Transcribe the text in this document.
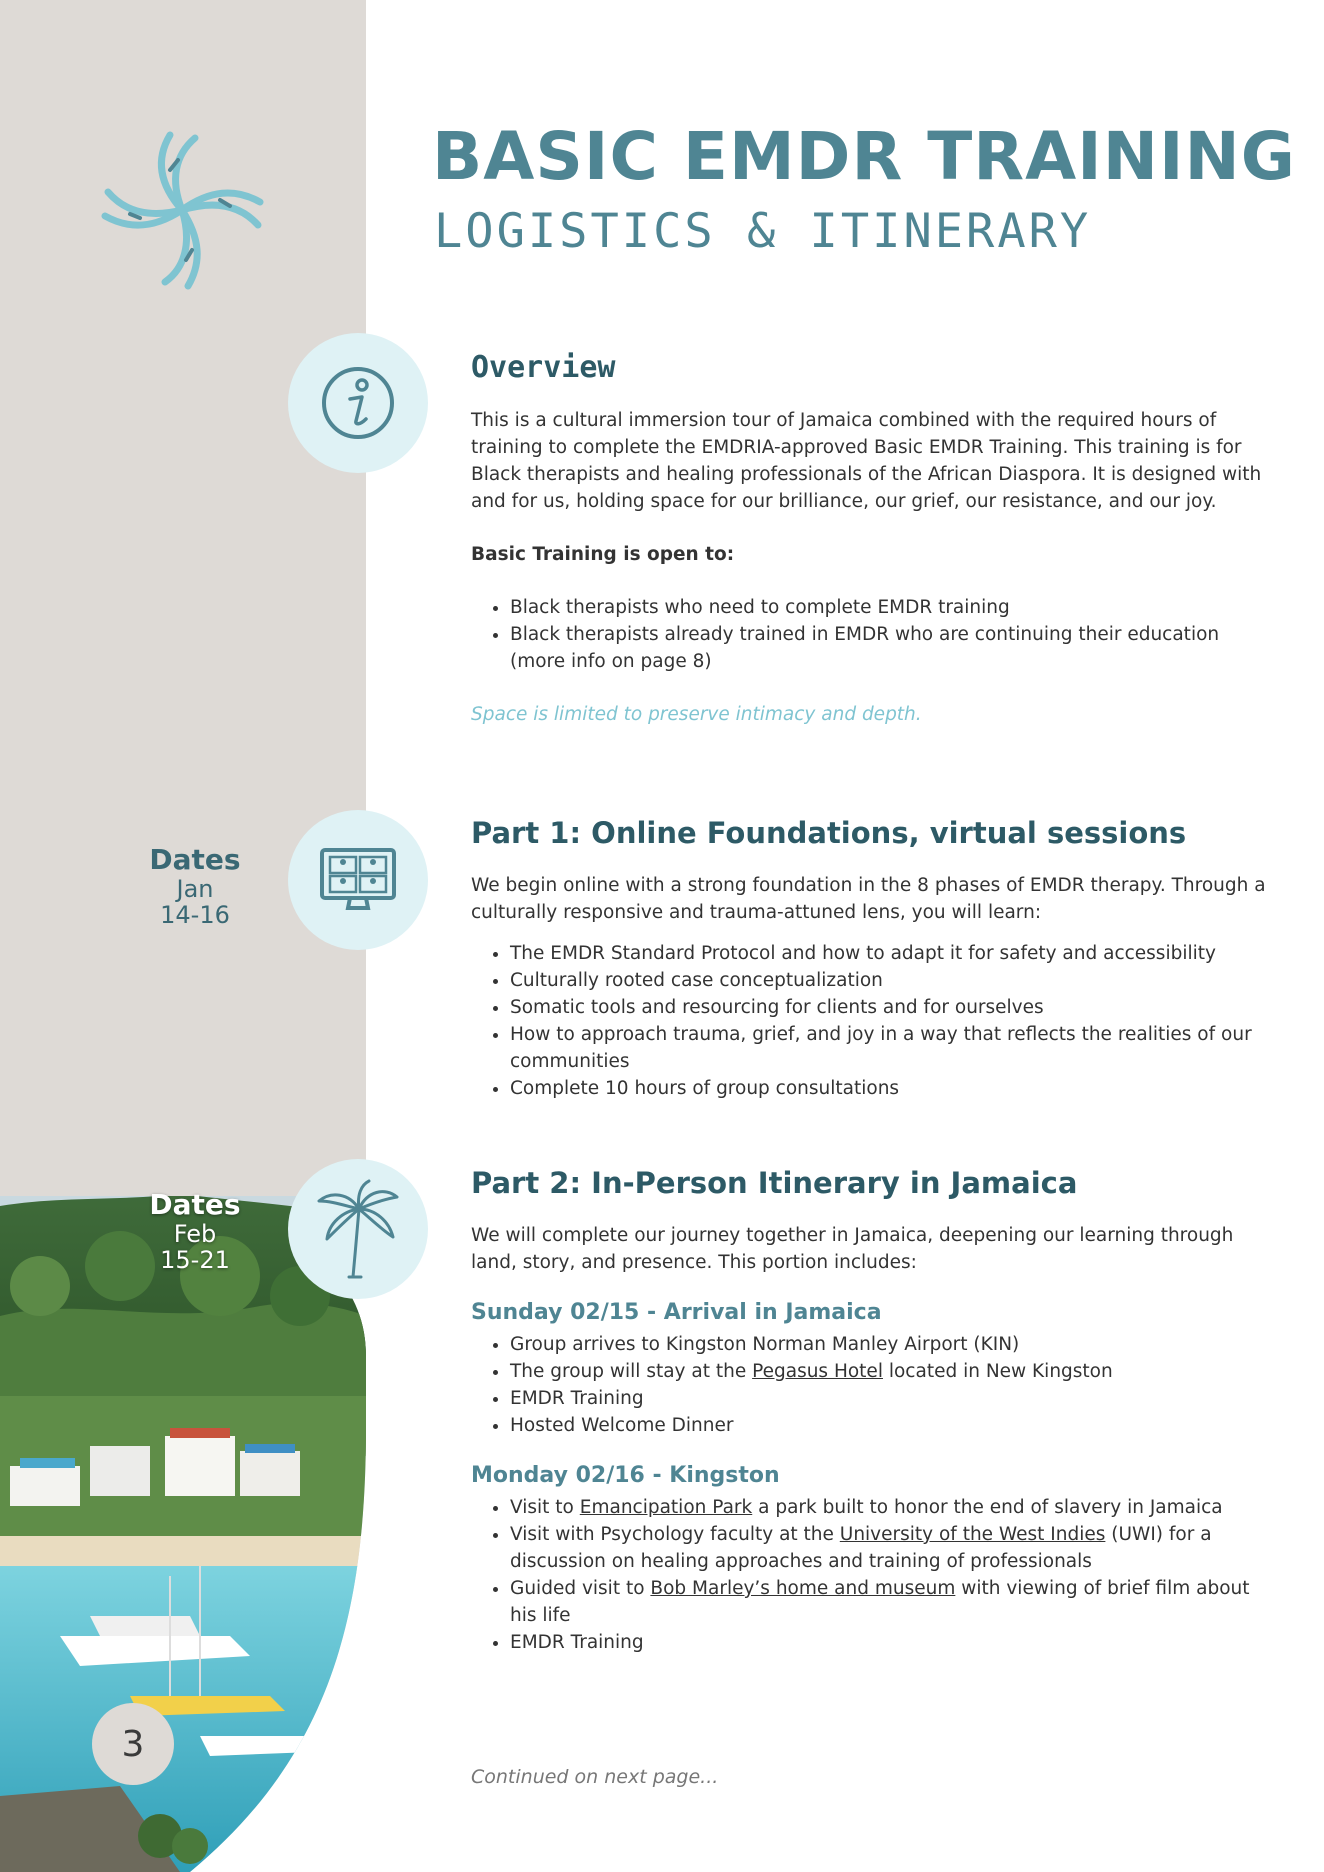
BASIC EMDR TRAINING
LOGISTICS & ITINERARY
Overview

This is a cultural immersion tour of Jamaica combined with the required hours of training to complete the EMDRIA-approved Basic EMDR Training. This training is for Black therapists and healing professionals of the African Diaspora. It is designed with and for us, holding space for our brilliance, our grief, our resistance, and our joy.

Basic Training is open to:

• Black therapists who need to complete EMDR training
• Black therapists already trained in EMDR who are continuing their education (more info on page 8)

Space is limited to preserve intimacy and depth.

Dates
Jan
14-16
Part 1: Online Foundations, virtual sessions

We begin online with a strong foundation in the 8 phases of EMDR therapy. Through a culturally responsive and trauma-attuned lens, you will learn:

• The EMDR Standard Protocol and how to adapt it for safety and accessibility
• Culturally rooted case conceptualization
• Somatic tools and resourcing for clients and for ourselves
• How to approach trauma, grief, and joy in a way that reflects the realities of our communities
• Complete 10 hours of group consultations
Dates
Feb
15-21
Part 2: In-Person Itinerary in Jamaica

We will complete our journey together in Jamaica, deepening our learning through land, story, and presence. This portion includes:

Sunday 02/15 - Arrival in Jamaica
• Group arrives to Kingston Norman Manley Airport (KIN)
• The group will stay at the Pegasus Hotel located in New Kingston
• EMDR Training
• Hosted Welcome Dinner
Monday 02/16 - Kingston
• Visit to Emancipation Park a park built to honor the end of slavery in Jamaica
• Visit with Psychology faculty at the University of the West Indies (UWI) for a discussion on healing approaches and training of professionals
• Guided visit to Bob Marley’s home and museum with viewing of brief film about his life
• EMDR Training
3
Continued on next page...
